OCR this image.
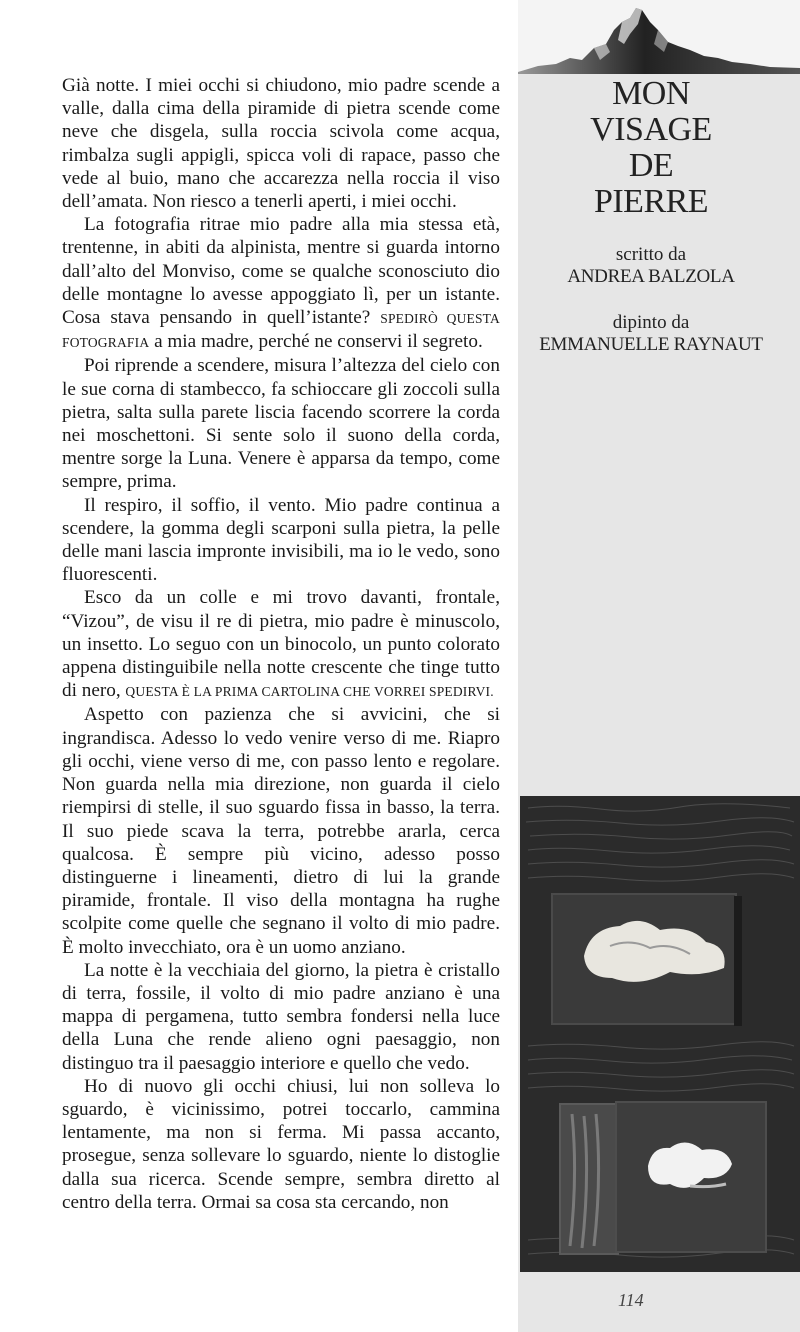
MON
VISAGE
DE
PIERRE
scritto da
ANDREA BALZOLA
dipinto da
EMMANUELLE RAYNAUT

Già notte. I miei occhi si chiudono, mio padre scende a valle, dalla cima della piramide di pietra scende come neve che disgela, sulla roccia scivola come acqua, rimbalza sugli appigli, spicca voli di rapace, passo che vede al buio, mano che accarezza nella roccia il viso dell’amata. Non riesco a tenerli aperti, i miei occhi.

La fotografia ritrae mio padre alla mia stessa età, trentenne, in abiti da alpinista, mentre si guarda intorno dall’alto del Monviso, come se qualche sconosciuto dio delle montagne lo avesse appoggiato lì, per un istante. Cosa stava pensando in quell’istante? SPEDIRÒ QUESTA FOTOGRAFIA a mia madre, perché ne conservi il segreto.

Poi riprende a scendere, misura l’altezza del cielo con le sue corna di stambecco, fa schioccare gli zoccoli sulla pietra, salta sulla parete liscia facendo scorrere la corda nei moschettoni. Si sente solo il suono della corda, mentre sorge la Luna. Venere è apparsa da tempo, come sempre, prima.

Il respiro, il soffio, il vento. Mio padre continua a scendere, la gomma degli scarponi sulla pietra, la pelle delle mani lascia impronte invisibili, ma io le vedo, sono fluorescenti.

Esco da un colle e mi trovo davanti, frontale, “Vizou”, de visu il re di pietra, mio padre è minuscolo, un insetto. Lo seguo con un binocolo, un punto colorato appena distinguibile nella notte crescente che tinge tutto di nero, QUESTA È LA PRIMA CARTOLINA CHE VORREI SPEDIRVI.

Aspetto con pazienza che si avvicini, che si ingrandisca. Adesso lo vedo venire verso di me. Riapro gli occhi, viene verso di me, con passo lento e regolare. Non guarda nella mia direzione, non guarda il cielo riempirsi di stelle, il suo sguardo fissa in basso, la terra. Il suo piede scava la terra, potrebbe ararla, cerca qualcosa. È sempre più vicino, adesso posso distinguerne i lineamenti, dietro di lui la grande piramide, frontale. Il viso della montagna ha rughe scolpite come quelle che segnano il volto di mio padre. È molto invecchiato, ora è un uomo anziano.

La notte è la vecchiaia del giorno, la pietra è cristallo di terra, fossile, il volto di mio padre anziano è una mappa di pergamena, tutto sembra fondersi nella luce della Luna che rende alieno ogni paesaggio, non distinguo tra il paesaggio interiore e quello che vedo.

Ho di nuovo gli occhi chiusi, lui non solleva lo sguardo, è vicinissimo, potrei toccarlo, cammina lentamente, ma non si ferma. Mi passa accanto, prosegue, senza sollevare lo sguardo, niente lo distoglie dalla sua ricerca. Scende sempre, sembra diretto al centro della terra. Ormai sa cosa sta cercando, non

114
